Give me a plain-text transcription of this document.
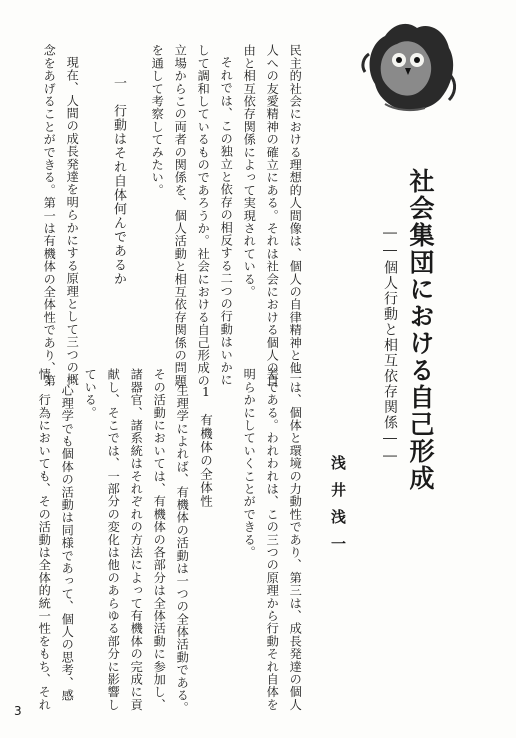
社会集団における自己形成
――個人行動と相互依存関係――
浅井浅一
民主的社会における理想的人間像は、個人の自律精神と他
人への友愛精神の確立にある。それは社会における個人の自
由と相互依存関係によって実現されている。
それでは、この独立と依存の相反する二つの行動はいかに
して調和しているものであろうか。社会における自己形成の
立場からこの両者の関係を、個人活動と相互依存関係の問題
を通して考察してみたい。
一　行動はそれ自体何んであるか
現在、人間の成長発達を明らかにする原理として三つの概
念をあげることができる。第一は有機体の全体性であり、第
二は、個体と環境の力動性であり、第三は、成長発達の個人
差である。われわれは、この三つの原理から行動それ自体を
明らかにしていくことができる。
1　有機体の全体性
生理学によれば、有機体の活動は一つの全体活動である。
その活動においては、有機体の各部分は全体活動に参加し、
諸器官、諸系統はそれぞれの方法によって有機体の完成に貢
献し、そこでは、一部分の変化は他のあらゆる部分に影響し
ている。
心理学でも個体の活動は同様であって、個人の思考、感
情、行為においても、その活動は全体的統一性をもち、それ
3
